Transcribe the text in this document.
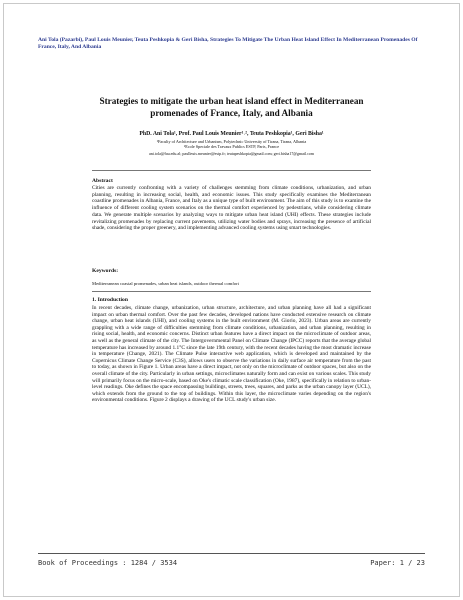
Ani Tola (Pazarbi), Paul Louis Meunier, Teuta Peshkopia & Geri Bisha, Strategies To Mitigate The Urban Heat Island Effect In Mediterranean Promenades Of France, Italy, And Albania
Strategies to mitigate the urban heat island effect in Mediterranean promenades of France, Italy, and Albania
PhD. Ani Tola¹, Prof. Paul Louis Meunier¹˒², Teuta Peshkopia¹, Geri Bisha¹
¹Faculty of Architecture and Urbanism, Polytechnic University of Tirana, Tirana, Albania
²Ecole Speciale des Travaux Publics ESTP, Paris, France
ani.tola@fau.edu.al; paulleuis.meunier@estp.fr; teutapeshkopia@gmail.com; geri.bisha17@gmail.com
Abstract
Cities are currently confronting with a variety of challenges stemming from climate conditions, urbanization, and urban planning, resulting in increasing social, health, and economic issues. This study specifically examines the Mediterranean coastline promenades in Albania, France, and Italy as a unique type of built environment. The aim of this study is to examine the influence of different cooling system scenarios on the thermal comfort experienced by pedestrians, while considering climate data. We generate multiple scenarios by analyzing ways to mitigate urban heat island (UHI) effects. These strategies include revitalizing promenades by replacing current pavements, utilizing water bodies and sprays, increasing the presence of artificial shade, considering the proper greenery, and implementing advanced cooling systems using smart technologies.
Keywords:
Mediterranean coastal promenades, urban heat islands, outdoor thermal comfort
1. Introduction
In recent decades, climate change, urbanization, urban structure, architecture, and urban planning have all had a significant impact on urban thermal comfort. Over the past few decades, developed nations have conducted extensive research on climate change, urban heat islands (UHI), and cooling systems in the built environment (M. Giorio, 2023). Urban areas are currently grappling with a wide range of difficulties stemming from climate conditions, urbanization, and urban planning, resulting in rising social, health, and economic concerns. Distinct urban features have a direct impact on the microclimate of outdoor areas, as well as the general climate of the city. The Intergovernmental Panel on Climate Change (IPCC) reports that the average global temperature has increased by around 1.1°C since the late 19th century, with the recent decades having the most dramatic increase in temperature (Change, 2021). The Climate Pulse interactive web application, which is developed and maintained by the Copernicus Climate Change Service (C3S), allows users to observe the variations in daily surface air temperature from the past to today, as shown in Figure 1. Urban areas have a direct impact, not only on the microclimate of outdoor spaces, but also on the overall climate of the city. Particularly in urban settings, microclimates naturally form and can exist on various scales. This study will primarily focus on the micro-scale, based on Oke's climatic scale classification (Oke, 1987), specifically in relation to urban-level readings. Oke defines the space encompassing buildings, streets, trees, squares, and parks as the urban canopy layer (UCL), which extends from the ground to the top of buildings. Within this layer, the microclimate varies depending on the region's environmental conditions. Figure 2 displays a drawing of the UCL study's urban size.
Book of Proceedings : 1284 / 3534	Paper: 1 / 23
